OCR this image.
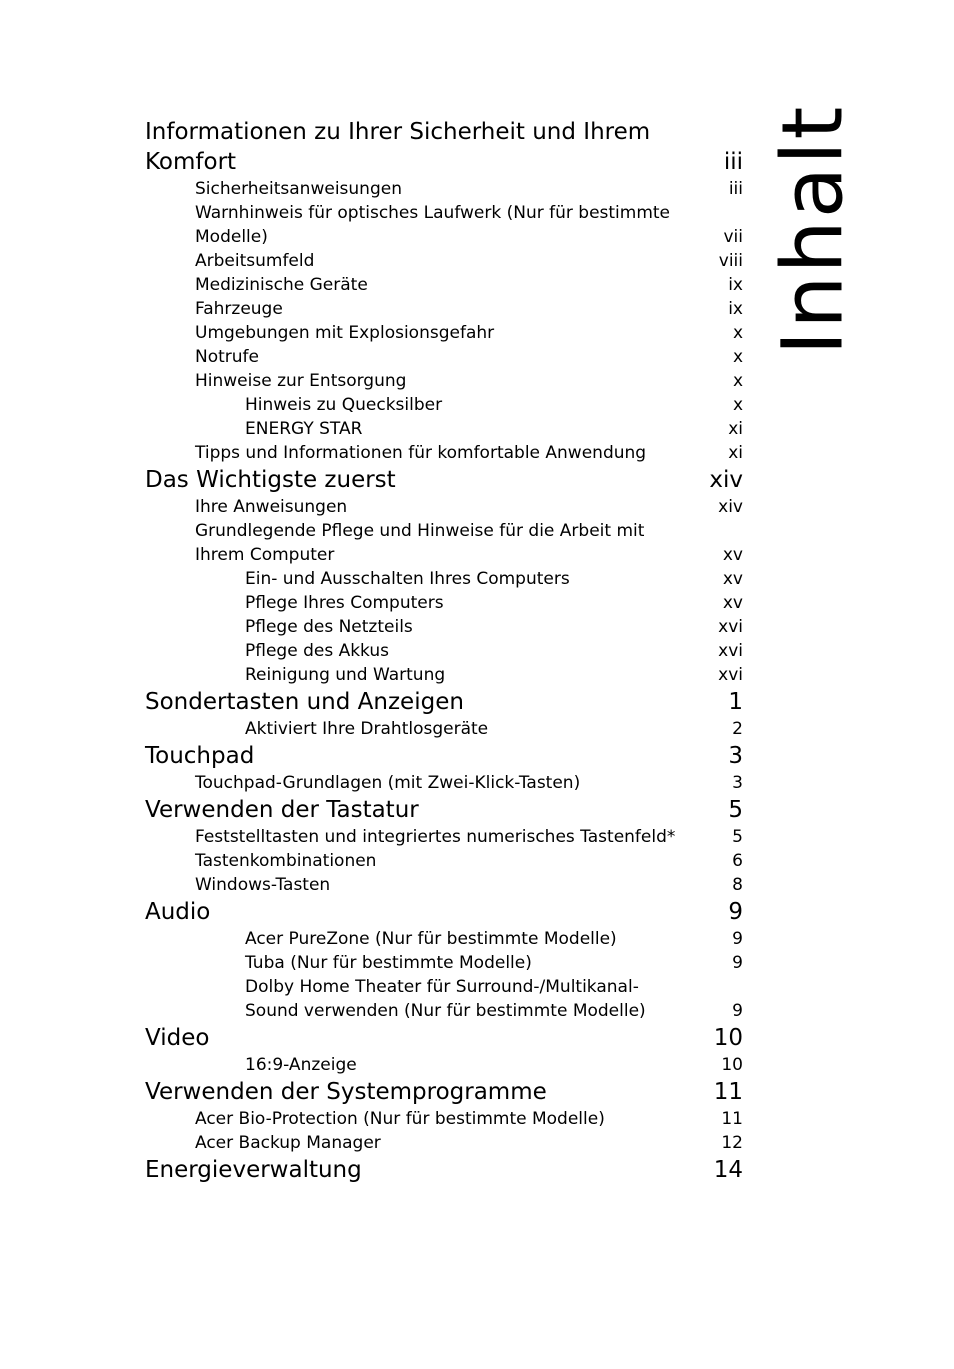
Inhalt
Informationen zu Ihrer Sicherheit und Ihrem Komfort	iii
Sicherheitsanweisungen	iii
Warnhinweis für optisches Laufwerk (Nur für bestimmte Modelle)	vii
Arbeitsumfeld	viii
Medizinische Geräte	ix
Fahrzeuge	ix
Umgebungen mit Explosionsgefahr	x
Notrufe	x
Hinweise zur Entsorgung	x
Hinweis zu Quecksilber	x
ENERGY STAR	xi
Tipps und Informationen für komfortable Anwendung	xi
Das Wichtigste zuerst	xiv
Ihre Anweisungen	xiv
Grundlegende Pflege und Hinweise für die Arbeit mit Ihrem Computer	xv
Ein- und Ausschalten Ihres Computers	xv
Pflege Ihres Computers	xv
Pflege des Netzteils	xvi
Pflege des Akkus	xvi
Reinigung und Wartung	xvi
Sondertasten und Anzeigen	1
Aktiviert Ihre Drahtlosgeräte	2
Touchpad	3
Touchpad-Grundlagen (mit Zwei-Klick-Tasten)	3
Verwenden der Tastatur	5
Feststelltasten und integriertes numerisches Tastenfeld*	5
Tastenkombinationen	6
Windows-Tasten	8
Audio	9
Acer PureZone (Nur für bestimmte Modelle)	9
Tuba (Nur für bestimmte Modelle)	9
Dolby Home Theater für Surround-/Multikanal-Sound verwenden (Nur für bestimmte Modelle)	9
Video	10
16:9-Anzeige	10
Verwenden der Systemprogramme	11
Acer Bio-Protection (Nur für bestimmte Modelle)	11
Acer Backup Manager	12
Energieverwaltung	14
